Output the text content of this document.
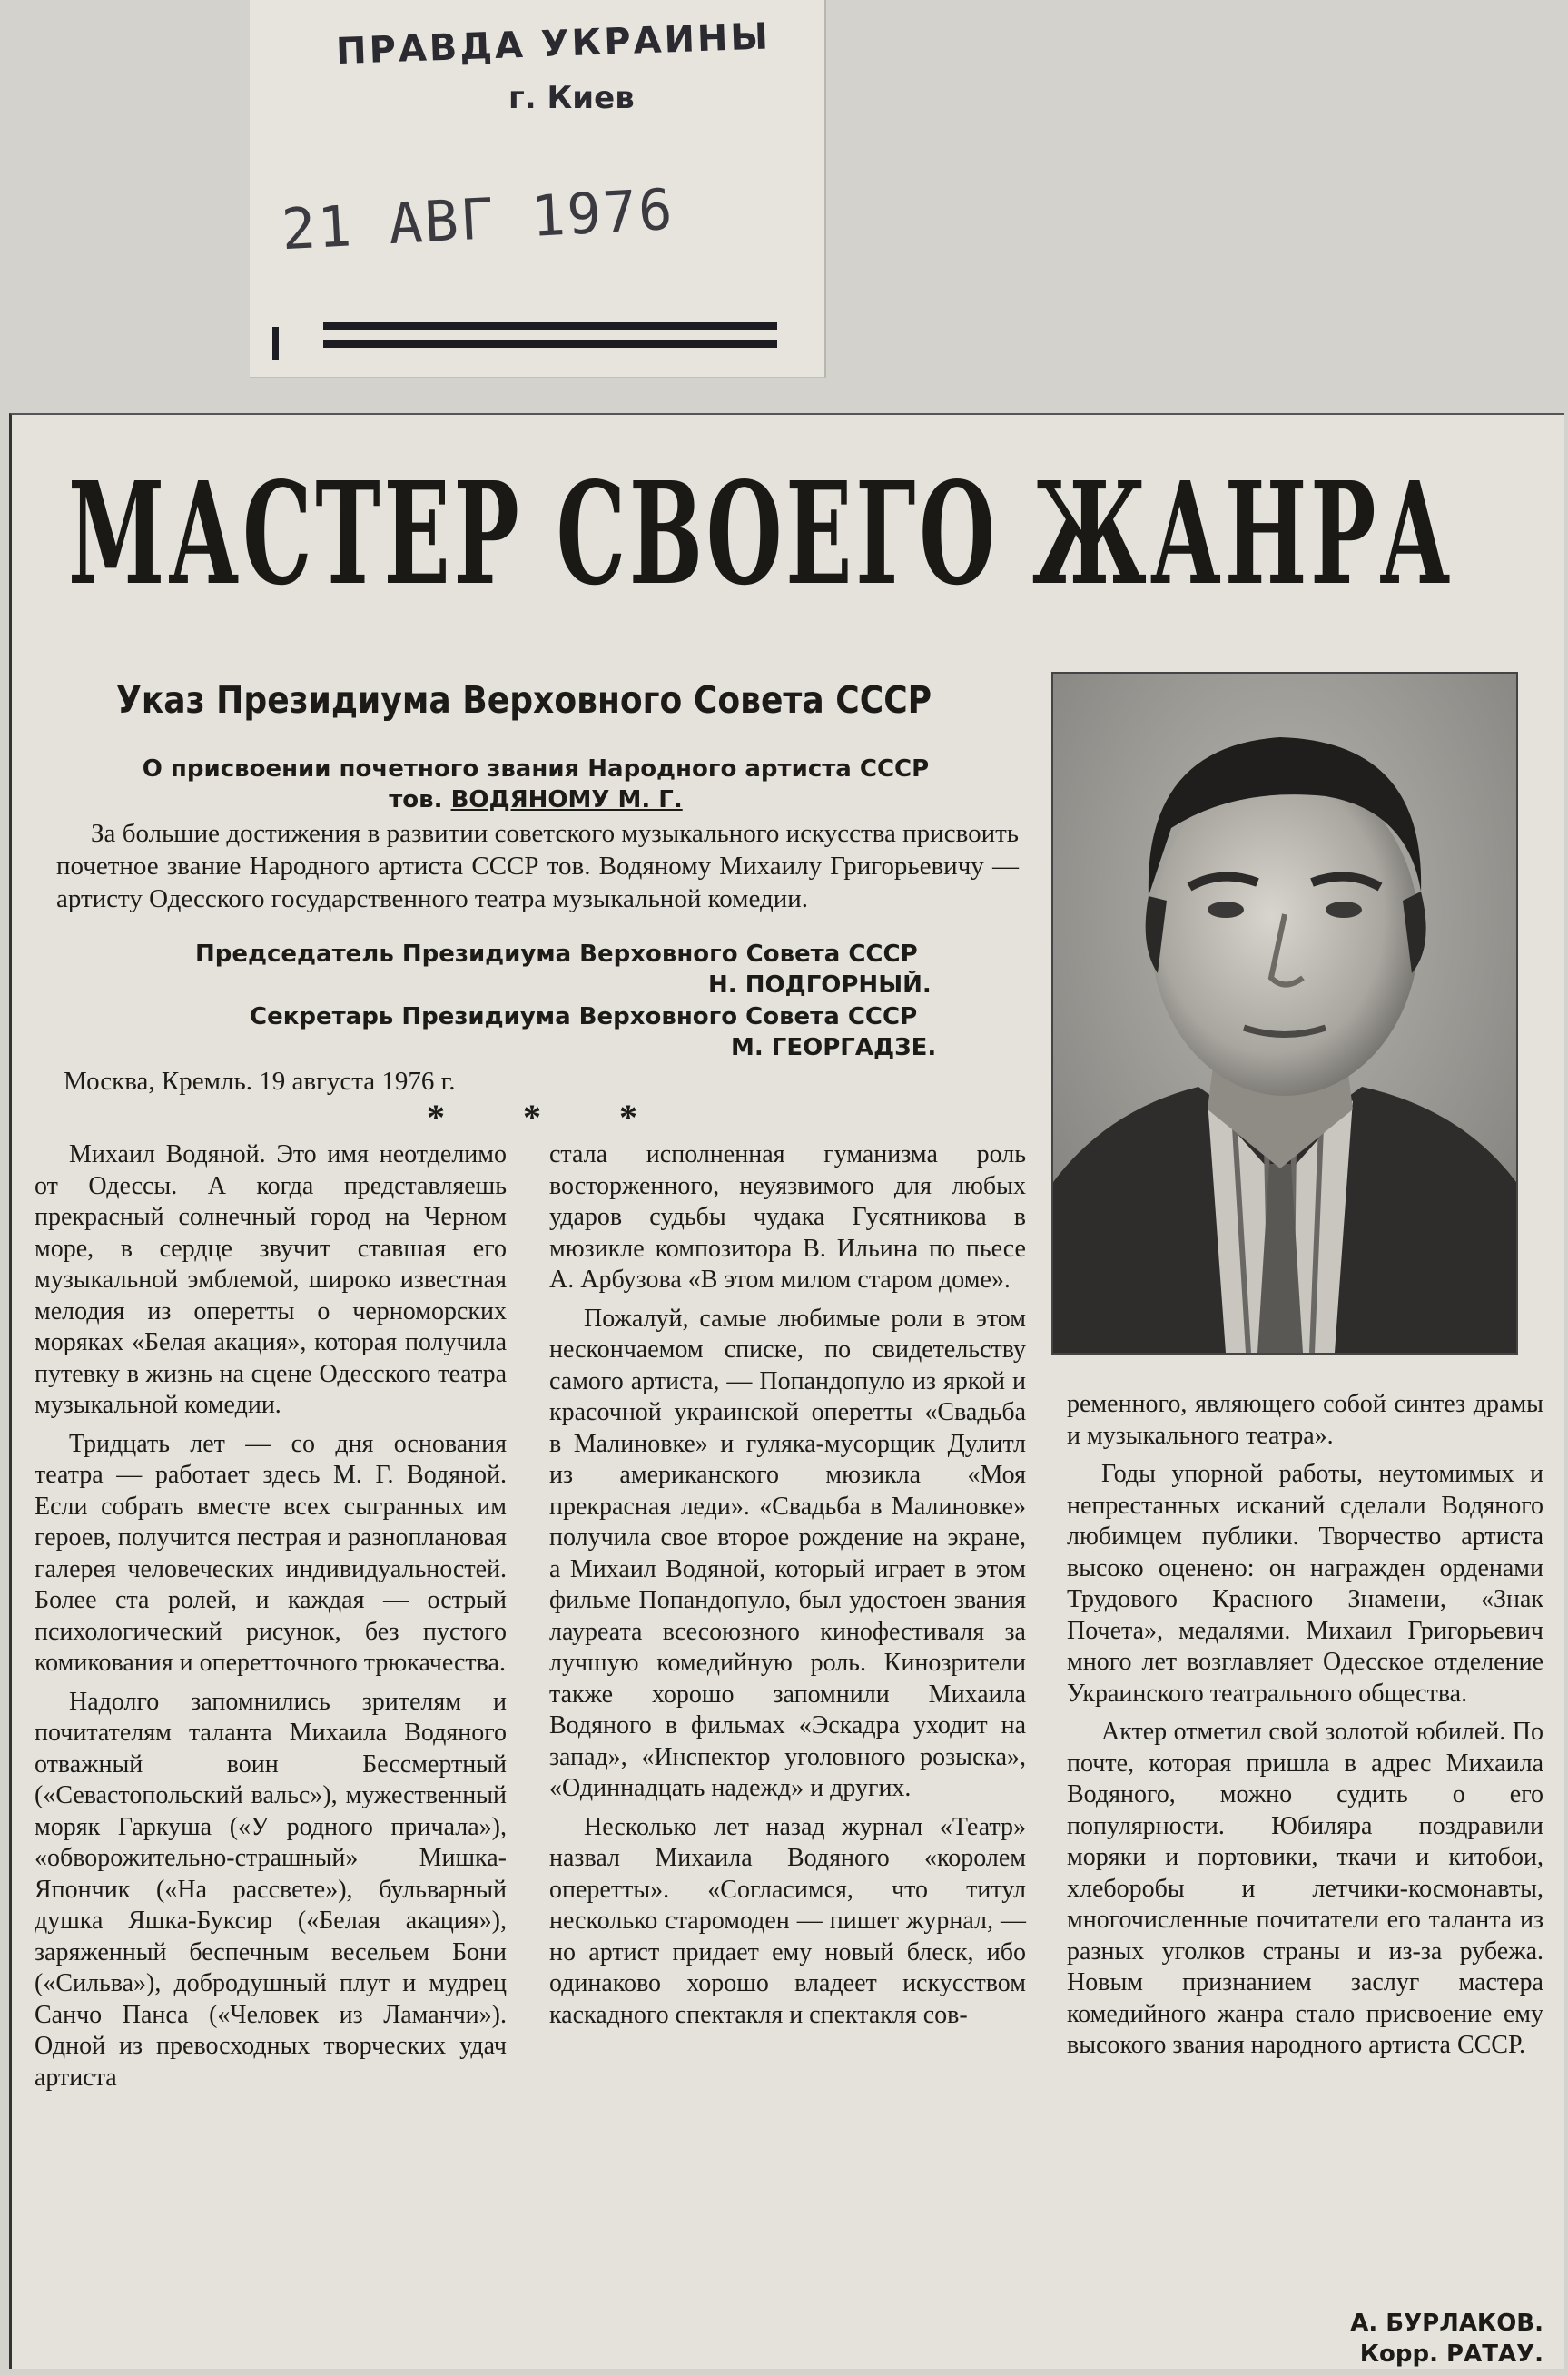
ПРАВДА УКРАИНЫ
г. Киев
21 АВГ 1976
МАСТЕР СВОЕГО ЖАНРА
Указ Президиума Верховного Совета СССР
О присвоении почетного звания Народного артиста СССР
тов. ВОДЯНОМУ М. Г.

За большие достижения в развитии советского музыкального искусства присвоить почетное звание Народного артиста СССР тов. Водяному Михаилу Григорьевичу — артисту Одесского государственного театра музыкальной комедии.

Председатель Президиума Верховного Совета СССР
Н. ПОДГОРНЫЙ.
Секретарь Президиума Верховного Совета СССР
М. ГЕОРГАДЗЕ.
Москва, Кремль. 19 августа 1976 г.
* * *

Михаил Водяной. Это имя неотделимо от Одессы. А когда представляешь прекрасный солнечный город на Черном море, в сердце звучит ставшая его музыкальной эмблемой, широко известная мелодия из оперетты о черноморских моряках «Белая акация», которая получила путевку в жизнь на сцене Одесского театра музыкальной комедии.

Тридцать лет — со дня основания театра — работает здесь М. Г. Водяной. Если собрать вместе всех сыгранных им героев, получится пестрая и разноплановая галерея человеческих индивидуальностей. Более ста ролей, и каждая — острый психологический рисунок, без пустого комикования и опереттoчного трюкачества.

Надолго запомнились зрителям и почитателям таланта Михаила Водяного отважный воин Бессмертный («Севастопольский вальс»), мужественный моряк Гаркуша («У родного причала»), «обворожительно-страшный» Мишка-Япончик («На рассвете»), бульварный душка Яшка-Буксир («Белая акация»), заряженный беспечным весельем Бони («Сильва»), добродушный плут и мудрец Санчо Панса («Человек из Ламанчи»). Одной из превосходных творческих удач артиста

стала исполненная гуманизма роль восторженного, неуязвимого для любых ударов судьбы чудака Гусятникова в мюзикле композитора В. Ильина по пьесе А. Арбузова «В этом милом старом доме».

Пожалуй, самые любимые роли в этом нескончаемом списке, по свидетельству самого артиста, — Попандопуло из яркой и красочной украинской оперетты «Свадьба в Малиновке» и гуляка-мусорщик Дулитл из американского мюзикла «Моя прекрасная леди». «Свадьба в Малиновке» получила свое второе рождение на экране, а Михаил Водяной, который играет в этом фильме Попандопуло, был удостоен звания лауреата всесоюзного кинофестиваля за лучшую комедийную роль. Кинозрители также хорошо запомнили Михаила Водяного в фильмах «Эскадра уходит на запад», «Инспектор уголовного розыска», «Одиннадцать надежд» и других.

Несколько лет назад журнал «Театр» назвал Михаила Водяного «королем оперетты». «Согласимся, что титул несколько старомоден — пишет журнал, — но артист придает ему новый блеск, ибо одинаково хорошо владеет искусством каскадного спектакля и спектакля сов-

ременного, являющего собой синтез драмы и музыкального театра».

Годы упорной работы, неутомимых и непрестанных исканий сделали Водяного любимцем публики. Творчество артиста высоко оценено: он награжден орденами Трудового Красного Знамени, «Знак Почета», медалями. Михаил Григорьевич много лет возглавляет Одесское отделение Украинского театрального общества.

Актер отметил свой золотой юбилей. По почте, которая пришла в адрес Михаила Водяного, можно судить о его популярности. Юбиляра поздравили моряки и портовики, ткачи и китобои, хлеборобы и летчики-космонавты, многочисленные почитатели его таланта из разных уголков страны и из-за рубежа. Новым признанием заслуг мастера комедийного жанра стало присвоение ему высокого звания народного артиста СССР.

А. БУРЛАКОВ.
Корр. РАТАУ.
